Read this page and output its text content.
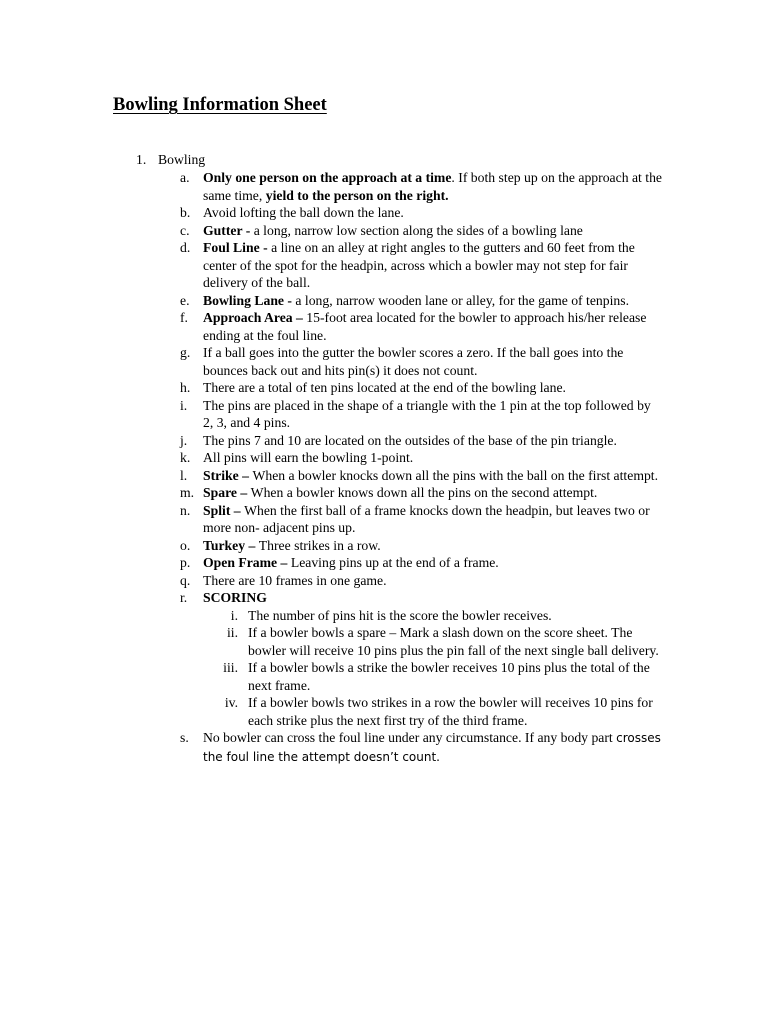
Bowling Information Sheet
1. Bowling
a. Only one person on the approach at a time. If both step up on the approach at the same time, yield to the person on the right.
b. Avoid lofting the ball down the lane.
c. Gutter - a long, narrow low section along the sides of a bowling lane
d. Foul Line - a line on an alley at right angles to the gutters and 60 feet from the center of the spot for the headpin, across which a bowler may not step for fair delivery of the ball.
e. Bowling Lane - a long, narrow wooden lane or alley, for the game of tenpins.
f. Approach Area – 15-foot area located for the bowler to approach his/her release ending at the foul line.
g. If a ball goes into the gutter the bowler scores a zero. If the ball goes into the bounces back out and hits pin(s) it does not count.
h. There are a total of ten pins located at the end of the bowling lane.
i. The pins are placed in the shape of a triangle with the 1 pin at the top followed by 2, 3, and 4 pins.
j. The pins 7 and 10 are located on the outsides of the base of the pin triangle.
k. All pins will earn the bowling 1-point.
l. Strike – When a bowler knocks down all the pins with the ball on the first attempt.
m. Spare – When a bowler knows down all the pins on the second attempt.
n. Split – When the first ball of a frame knocks down the headpin, but leaves two or more non- adjacent pins up.
o. Turkey – Three strikes in a row.
p. Open Frame – Leaving pins up at the end of a frame.
q. There are 10 frames in one game.
r. SCORING
i. The number of pins hit is the score the bowler receives.
ii. If a bowler bowls a spare – Mark a slash down on the score sheet. The bowler will receive 10 pins plus the pin fall of the next single ball delivery.
iii. If a bowler bowls a strike the bowler receives 10 pins plus the total of the next frame.
iv. If a bowler bowls two strikes in a row the bowler will receives 10 pins for each strike plus the next first try of the third frame.
s. No bowler can cross the foul line under any circumstance. If any body part crosses the foul line the attempt doesn’t count.
